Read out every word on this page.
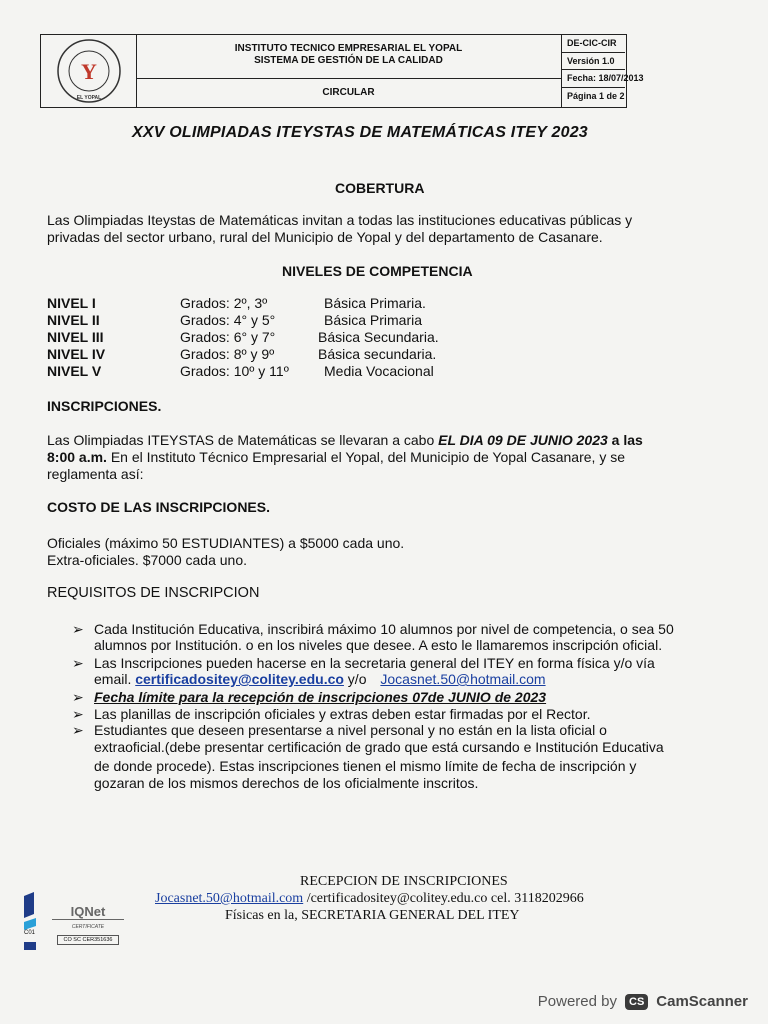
Y
EL YOPAL
INSTITUTO TECNICO EMPRESARIAL EL YOPAL
SISTEMA DE GESTIÓN DE LA CALIDAD
CIRCULAR
DE-CIC-CIR
Versión 1.0
Fecha: 18/07/2013
Página 1 de 2
XXV OLIMPIADAS ITEYSTAS DE MATEMÁTICAS ITEY 2023
COBERTURA
Las Olimpiadas Iteystas de Matemáticas invitan a todas las instituciones educativas públicas y
privadas del sector urbano, rural del Municipio de Yopal y del departamento de Casanare.
NIVELES DE COMPETENCIA
NIVEL I	Grados: 2º, 3º	Básica Primaria.
NIVEL II	Grados: 4° y 5°	Básica Primaria
NIVEL III	Grados: 6° y 7°	Básica Secundaria.
NIVEL IV	Grados: 8º y 9º	Básica secundaria.
NIVEL V	Grados: 10º y 11º	Media Vocacional
INSCRIPCIONES.
Las Olimpiadas ITEYSTAS de Matemáticas se llevaran a cabo EL DIA 09 DE JUNIO 2023 a las
8:00 a.m. En el Instituto Técnico Empresarial el Yopal, del Municipio de Yopal Casanare, y se
reglamenta así:
COSTO DE LAS INSCRIPCIONES.
Oficiales (máximo 50 ESTUDIANTES) a $5000 cada uno.
Extra-oficiales. $7000 cada uno.
REQUISITOS DE INSCRIPCION
➢ Cada Institución Educativa, inscribirá máximo 10 alumnos por nivel de competencia, o sea 50
alumnos por Institución. o en los niveles que desee. A esto le llamaremos inscripción oficial.
➢ Las Inscripciones pueden hacerse en la secretaria general del ITEY en forma física y/o vía
email. certificadositey@colitey.edu.co y/o Jocasnet.50@hotmail.com
➢ Fecha límite para la recepción de inscripciones 07de JUNIO de 2023
➢ Las planillas de inscripción oficiales y extras deben estar firmadas por el Rector.
➢ Estudiantes que deseen presentarse a nivel personal y no están en la lista oficial o
extraoficial.(debe presentar certificación de grado que está cursando e Institución Educativa
de donde procede). Estas inscripciones tienen el mismo límite de fecha de inscripción y
gozaran de los mismos derechos de los oficialmente inscritos.
RECEPCION DE INSCRIPCIONES
Jocasnet.50@hotmail.com /certificadositey@colitey.edu.co cel. 3118202966
Físicas en la, SECRETARIA GENERAL DEL ITEY
C01
IQNet
CERTIFICATE
CO SC CER351636
Powered by	CS CamScanner
